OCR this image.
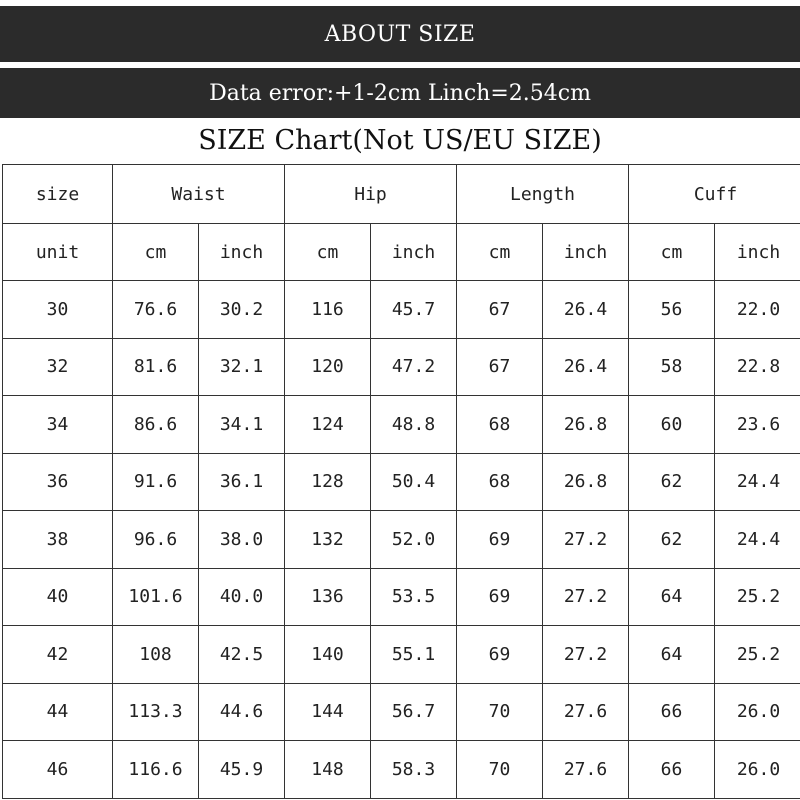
ABOUT SIZE
Data error:+1-2cm Linch=2.54cm
SIZE Chart(Not US/EU SIZE)
size	Waist		Hip		Length		Cuff	
unit	cm	inch	cm	inch	cm	inch	cm	inch
30	76.6	30.2	116	45.7	67	26.4	56	22.0
32	81.6	32.1	120	47.2	67	26.4	58	22.8
34	86.6	34.1	124	48.8	68	26.8	60	23.6
36	91.6	36.1	128	50.4	68	26.8	62	24.4
38	96.6	38.0	132	52.0	69	27.2	62	24.4
40	101.6	40.0	136	53.5	69	27.2	64	25.2
42	108	42.5	140	55.1	69	27.2	64	25.2
44	113.3	44.6	144	56.7	70	27.6	66	26.0
46	116.6	45.9	148	58.3	70	27.6	66	26.0
